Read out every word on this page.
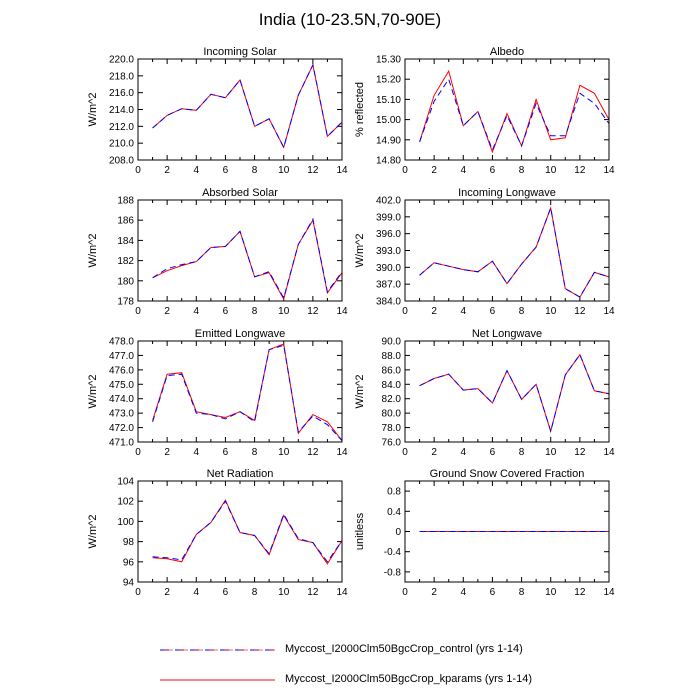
India (10-23.5N,70-90E)
Incoming Solar
W/m^2
0 2 4 6 8 10 12 14
208.0
210.0
212.0
214.0
216.0
218.0
220.0
Albedo
% reflected
0 2 4 6 8 10 12 14
14.80
14.90
15.00
15.10
15.20
15.30
Absorbed Solar
W/m^2
0 2 4 6 8 10 12 14
178
180
182
184
186
188
Incoming Longwave
W/m^2
0 2 4 6 8 10 12 14
384.0
387.0
390.0
393.0
396.0
399.0
402.0
Emitted Longwave
W/m^2
0 2 4 6 8 10 12 14
471.0
472.0
473.0
474.0
475.0
476.0
477.0
478.0
Net Longwave
W/m^2
0 2 4 6 8 10 12 14
76.0
78.0
80.0
82.0
84.0
86.0
88.0
90.0
Net Radiation
W/m^2
0 2 4 6 8 10 12 14
94
96
98
100
102
104
Ground Snow Covered Fraction
unitless
0 2 4 6 8 10 12 14
-0.8
-0.4
0
0.4
0.8
Myccost_I2000Clm50BgcCrop_control (yrs 1-14)
Myccost_I2000Clm50BgcCrop_kparams (yrs 1-14)
